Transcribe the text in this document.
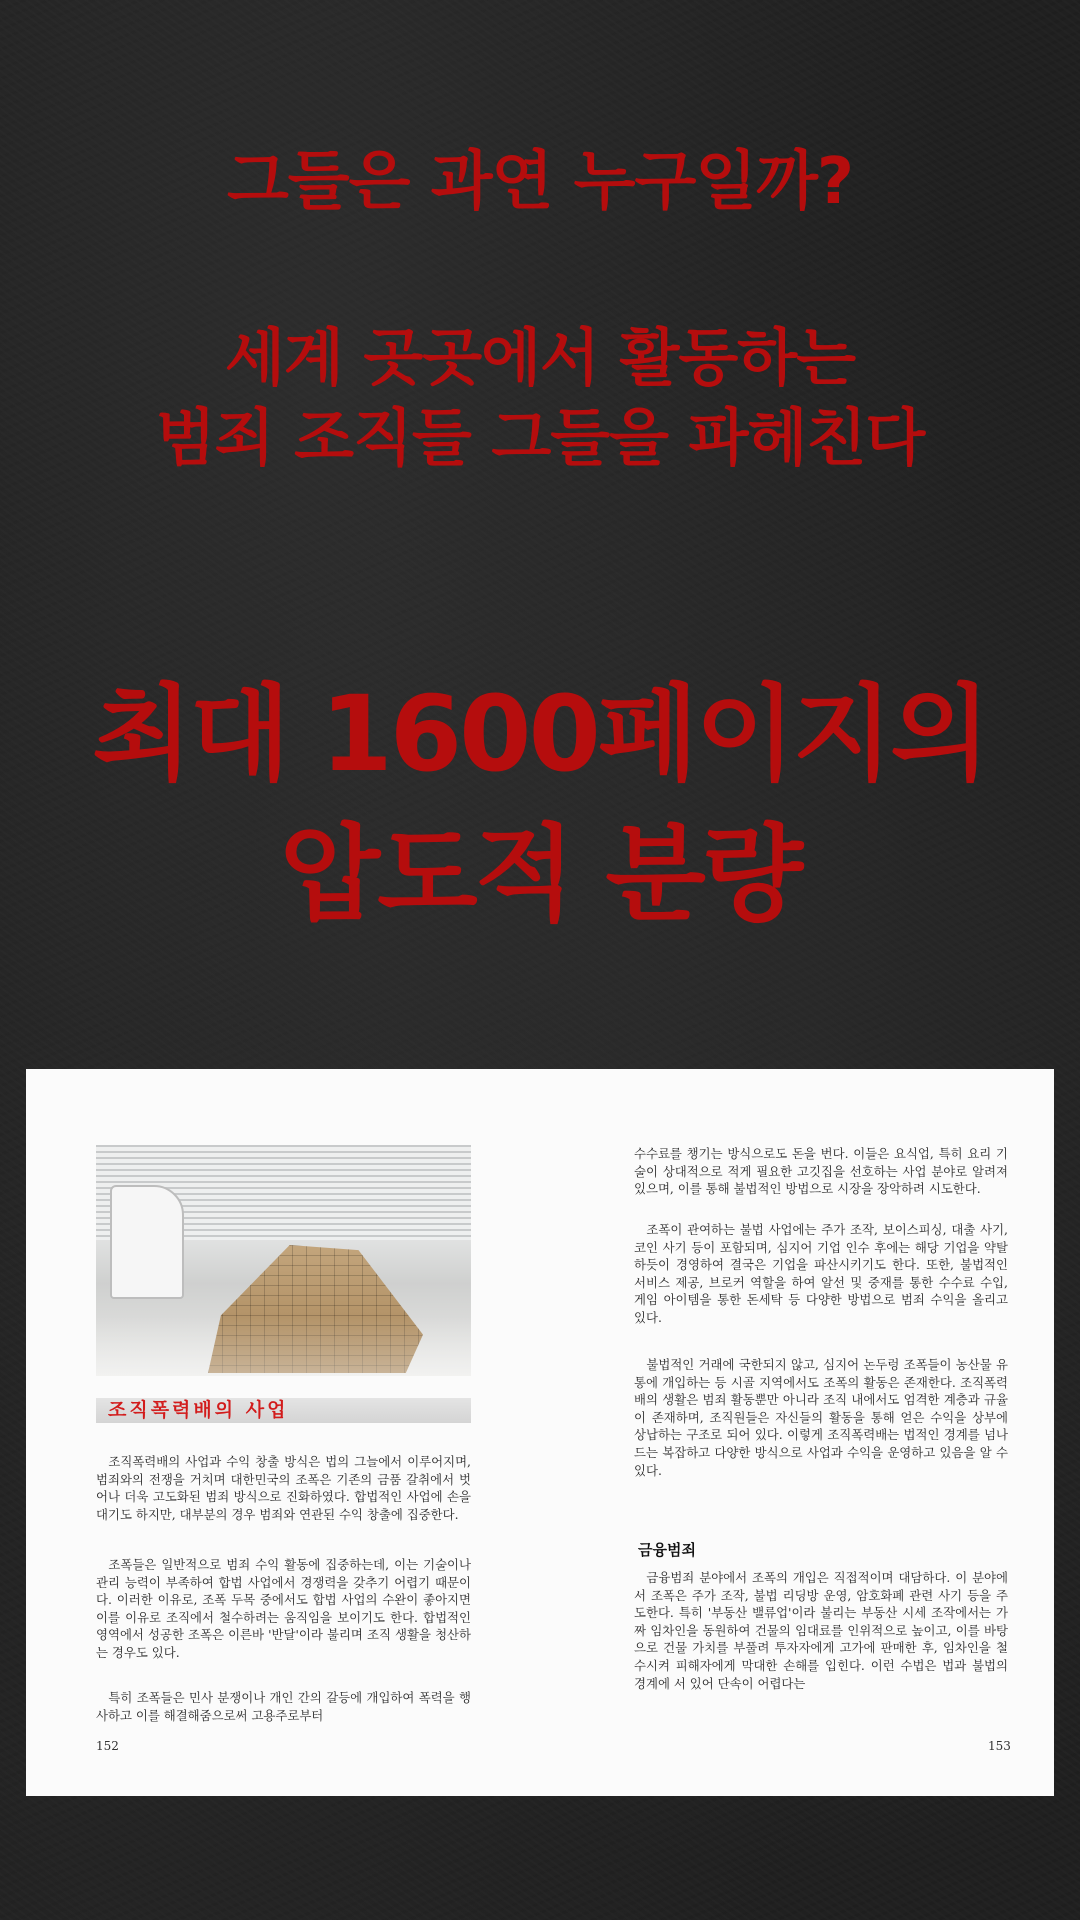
그들은 과연 누구일까?
세계 곳곳에서 활동하는
범죄 조직들 그들을 파헤친다
최대 1600페이지의
압도적 분량
조직폭력배의 사업

조직폭력배의 사업과 수익 창출 방식은 법의 그늘에서 이루어지며, 범죄와의 전쟁을 거치며 대한민국의 조폭은 기존의 금품 갈취에서 벗어나 더욱 고도화된 범죄 방식으로 진화하였다. 합법적인 사업에 손을 대기도 하지만, 대부분의 경우 범죄와 연관된 수익 창출에 집중한다.

조폭들은 일반적으로 범죄 수익 활동에 집중하는데, 이는 기술이나 관리 능력이 부족하여 합법 사업에서 경쟁력을 갖추기 어렵기 때문이다. 이러한 이유로, 조폭 두목 중에서도 합법 사업의 수완이 좋아지면 이를 이유로 조직에서 철수하려는 움직임을 보이기도 한다. 합법적인 영역에서 성공한 조폭은 이른바 '반달'이라 불리며 조직 생활을 청산하는 경우도 있다.

특히 조폭들은 민사 분쟁이나 개인 간의 갈등에 개입하여 폭력을 행사하고 이를 해결해줌으로써 고용주로부터

152

수수료를 챙기는 방식으로도 돈을 번다. 이들은 요식업, 특히 요리 기술이 상대적으로 적게 필요한 고깃집을 선호하는 사업 분야로 알려져 있으며, 이를 통해 불법적인 방법으로 시장을 장악하려 시도한다.

조폭이 관여하는 불법 사업에는 주가 조작, 보이스피싱, 대출 사기, 코인 사기 등이 포함되며, 심지어 기업 인수 후에는 해당 기업을 약탈하듯이 경영하여 결국은 기업을 파산시키기도 한다. 또한, 불법적인 서비스 제공, 브로커 역할을 하여 알선 및 중재를 통한 수수료 수입, 게임 아이템을 통한 돈세탁 등 다양한 방법으로 범죄 수익을 올리고 있다.

불법적인 거래에 국한되지 않고, 심지어 논두렁 조폭들이 농산물 유통에 개입하는 등 시골 지역에서도 조폭의 활동은 존재한다. 조직폭력배의 생활은 범죄 활동뿐만 아니라 조직 내에서도 엄격한 계층과 규율이 존재하며, 조직원들은 자신들의 활동을 통해 얻은 수익을 상부에 상납하는 구조로 되어 있다. 이렇게 조직폭력배는 법적인 경계를 넘나드는 복잡하고 다양한 방식으로 사업과 수익을 운영하고 있음을 알 수 있다.

금융범죄

금융범죄 분야에서 조폭의 개입은 직접적이며 대담하다. 이 분야에서 조폭은 주가 조작, 불법 리딩방 운영, 암호화폐 관련 사기 등을 주도한다. 특히 '부동산 밸류업'이라 불리는 부동산 시세 조작에서는 가짜 임차인을 동원하여 건물의 임대료를 인위적으로 높이고, 이를 바탕으로 건물 가치를 부풀려 투자자에게 고가에 판매한 후, 임차인을 철수시켜 피해자에게 막대한 손해를 입힌다. 이런 수법은 법과 불법의 경계에 서 있어 단속이 어렵다는

153
